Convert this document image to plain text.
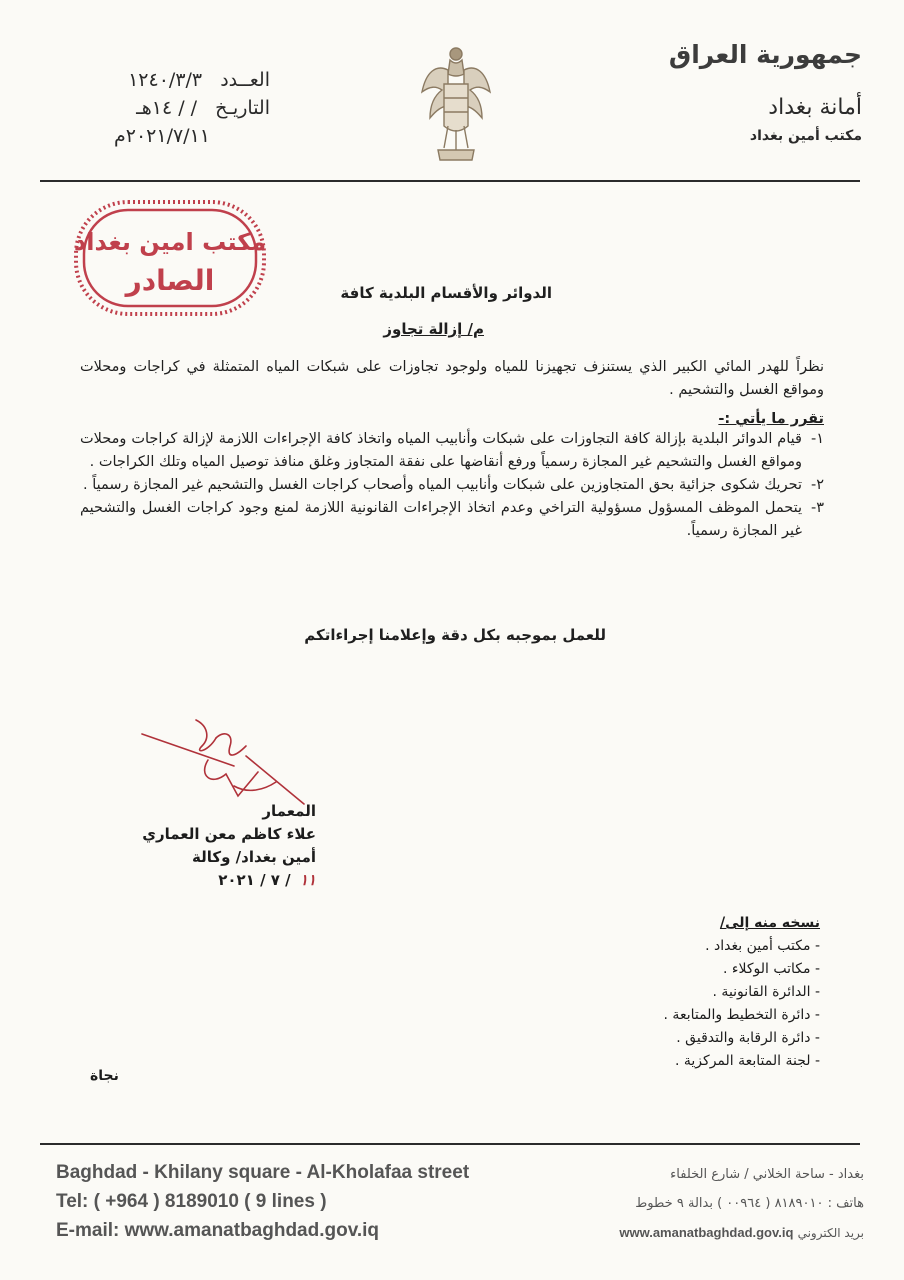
جمهورية العراق
أمانة بغداد
مكتب أمين بغداد
العــدد ١٢٤٠/٣/٣
التاريـخ / / ١٤هـ
٢٠٢١/٧/١١م
مكتب امين بغداد
الصادر	الدوائر والأقسام البلدية كافة
م/ إزالة تجاوز
نظراً للهدر المائي الكبير الذي يستنزف تجهيزنا للمياه ولوجود تجاوزات على شبكات المياه المتمثلة في كراجات ومحلات ومواقع الغسل والتشحيم .
تقرر ما يأتي :-
١-
قيام الدوائر البلدية بإزالة كافة التجاوزات على شبكات وأنابيب المياه واتخاذ كافة الإجراءات اللازمة لإزالة كراجات ومحلات ومواقع الغسل والتشحيم غير المجازة رسمياً ورفع أنقاضها على نفقة المتجاوز وغلق منافذ توصيل المياه وتلك الكراجات .
٢-
تحريك شكوى جزائية بحق المتجاوزين على شبكات وأنابيب المياه وأصحاب كراجات الغسل والتشحيم غير المجازة رسمياً .
٣-
يتحمل الموظف المسؤول مسؤولية التراخي وعدم اتخاذ الإجراءات القانونية اللازمة لمنع وجود كراجات الغسل والتشحيم غير المجازة رسمياً.
للعمل بموجبه بكل دقة وإعلامنا إجراءاتكم
المعمار
علاء كاظم معن العماري
أمين بغداد/ وكالة
١١ / ٧ / ٢٠٢١
نسخه منه إلى/
- مكتب أمين بغداد .
- مكاتب الوكلاء .
- الدائرة القانونية .
- دائرة التخطيط والمتابعة .
- دائرة الرقابة والتدقيق .
- لجنة المتابعة المركزية .
نجاة
Baghdad - Khilany square - Al-Kholafaa street
Tel: ( +964 ) 8189010 ( 9 lines )
E-mail: www.amanatbaghdad.gov.iq
بغداد - ساحة الخلاني / شارع الخلفاء
هاتف : ٨١٨٩٠١٠ ( ٠٠٩٦٤ ) بدالة ٩ خطوط
بريد الكتروني www.amanatbaghdad.gov.iq
